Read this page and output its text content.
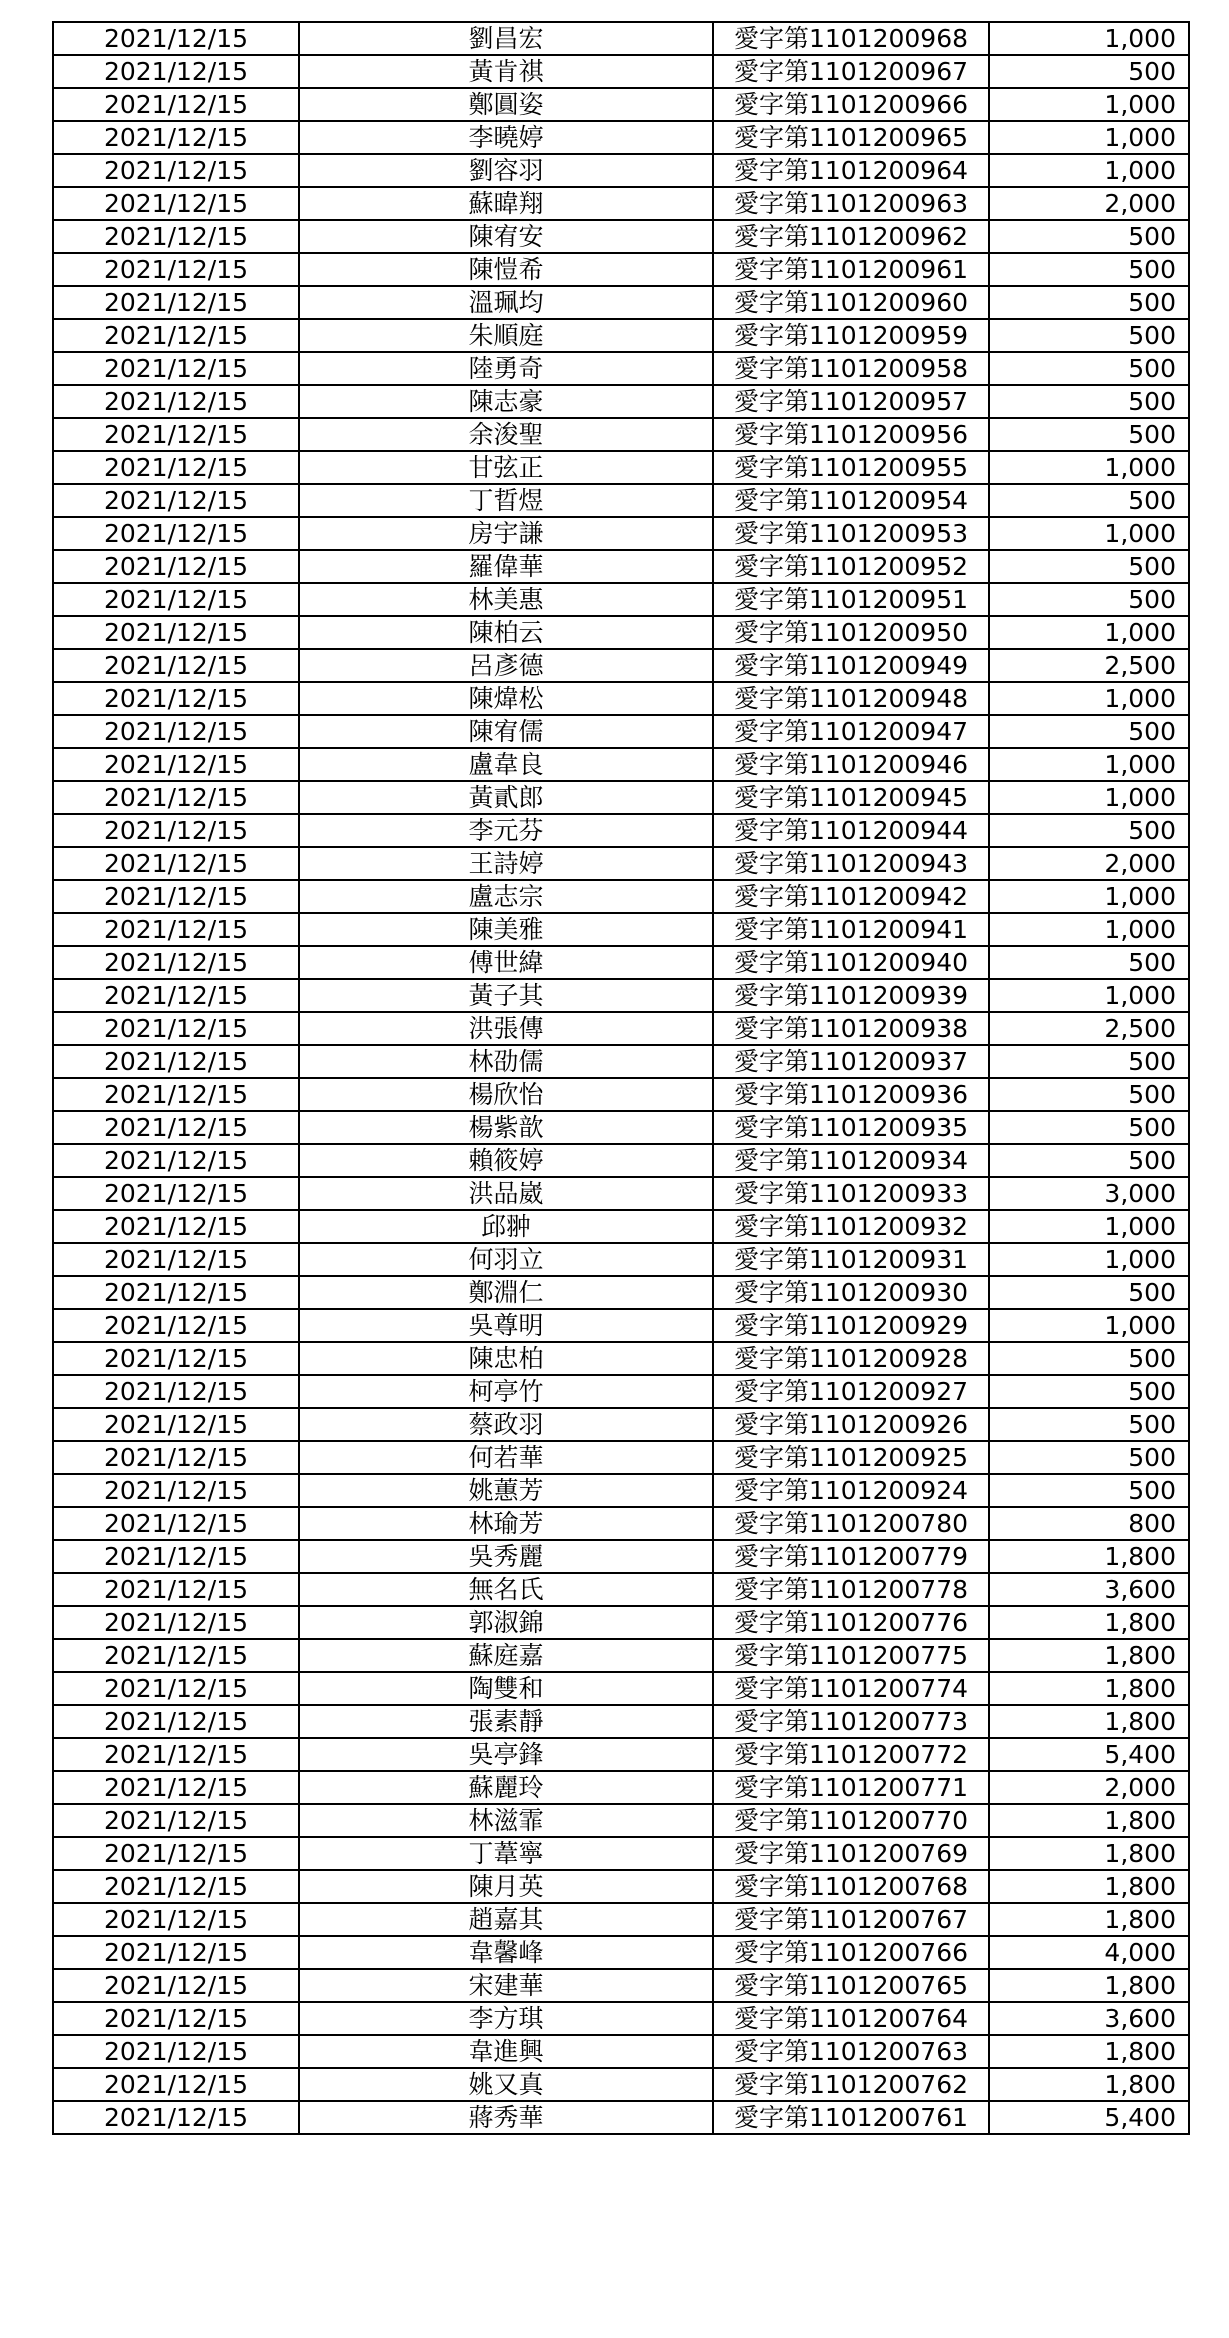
2021/12/15	劉昌宏	愛字第1101200968	1,000
2021/12/15	黃肯祺	愛字第1101200967	500
2021/12/15	鄭圓姿	愛字第1101200966	1,000
2021/12/15	李曉婷	愛字第1101200965	1,000
2021/12/15	劉容羽	愛字第1101200964	1,000
2021/12/15	蘇暐翔	愛字第1101200963	2,000
2021/12/15	陳宥安	愛字第1101200962	500
2021/12/15	陳愷希	愛字第1101200961	500
2021/12/15	溫珮均	愛字第1101200960	500
2021/12/15	朱順庭	愛字第1101200959	500
2021/12/15	陸勇奇	愛字第1101200958	500
2021/12/15	陳志豪	愛字第1101200957	500
2021/12/15	余浚聖	愛字第1101200956	500
2021/12/15	甘弦正	愛字第1101200955	1,000
2021/12/15	丁晢煜	愛字第1101200954	500
2021/12/15	房宇謙	愛字第1101200953	1,000
2021/12/15	羅偉華	愛字第1101200952	500
2021/12/15	林美惠	愛字第1101200951	500
2021/12/15	陳柏云	愛字第1101200950	1,000
2021/12/15	呂彥德	愛字第1101200949	2,500
2021/12/15	陳煒松	愛字第1101200948	1,000
2021/12/15	陳宥儒	愛字第1101200947	500
2021/12/15	盧韋良	愛字第1101200946	1,000
2021/12/15	黃貳郎	愛字第1101200945	1,000
2021/12/15	李元芬	愛字第1101200944	500
2021/12/15	王詩婷	愛字第1101200943	2,000
2021/12/15	盧志宗	愛字第1101200942	1,000
2021/12/15	陳美雅	愛字第1101200941	1,000
2021/12/15	傅世緯	愛字第1101200940	500
2021/12/15	黃子其	愛字第1101200939	1,000
2021/12/15	洪張傳	愛字第1101200938	2,500
2021/12/15	林劭儒	愛字第1101200937	500
2021/12/15	楊欣怡	愛字第1101200936	500
2021/12/15	楊紫歆	愛字第1101200935	500
2021/12/15	賴筱婷	愛字第1101200934	500
2021/12/15	洪品崴	愛字第1101200933	3,000
2021/12/15	邱翀	愛字第1101200932	1,000
2021/12/15	何羽立	愛字第1101200931	1,000
2021/12/15	鄭淵仁	愛字第1101200930	500
2021/12/15	吳尊明	愛字第1101200929	1,000
2021/12/15	陳忠柏	愛字第1101200928	500
2021/12/15	柯亭竹	愛字第1101200927	500
2021/12/15	蔡政羽	愛字第1101200926	500
2021/12/15	何若華	愛字第1101200925	500
2021/12/15	姚蕙芳	愛字第1101200924	500
2021/12/15	林瑜芳	愛字第1101200780	800
2021/12/15	吳秀麗	愛字第1101200779	1,800
2021/12/15	無名氏	愛字第1101200778	3,600
2021/12/15	郭淑錦	愛字第1101200776	1,800
2021/12/15	蘇庭嘉	愛字第1101200775	1,800
2021/12/15	陶雙和	愛字第1101200774	1,800
2021/12/15	張素靜	愛字第1101200773	1,800
2021/12/15	吳亭鋒	愛字第1101200772	5,400
2021/12/15	蘇麗玲	愛字第1101200771	2,000
2021/12/15	林滋霏	愛字第1101200770	1,800
2021/12/15	丁葦寧	愛字第1101200769	1,800
2021/12/15	陳月英	愛字第1101200768	1,800
2021/12/15	趙嘉其	愛字第1101200767	1,800
2021/12/15	韋馨峰	愛字第1101200766	4,000
2021/12/15	宋建華	愛字第1101200765	1,800
2021/12/15	李方琪	愛字第1101200764	3,600
2021/12/15	韋進興	愛字第1101200763	1,800
2021/12/15	姚又真	愛字第1101200762	1,800
2021/12/15	蔣秀華	愛字第1101200761	5,400
